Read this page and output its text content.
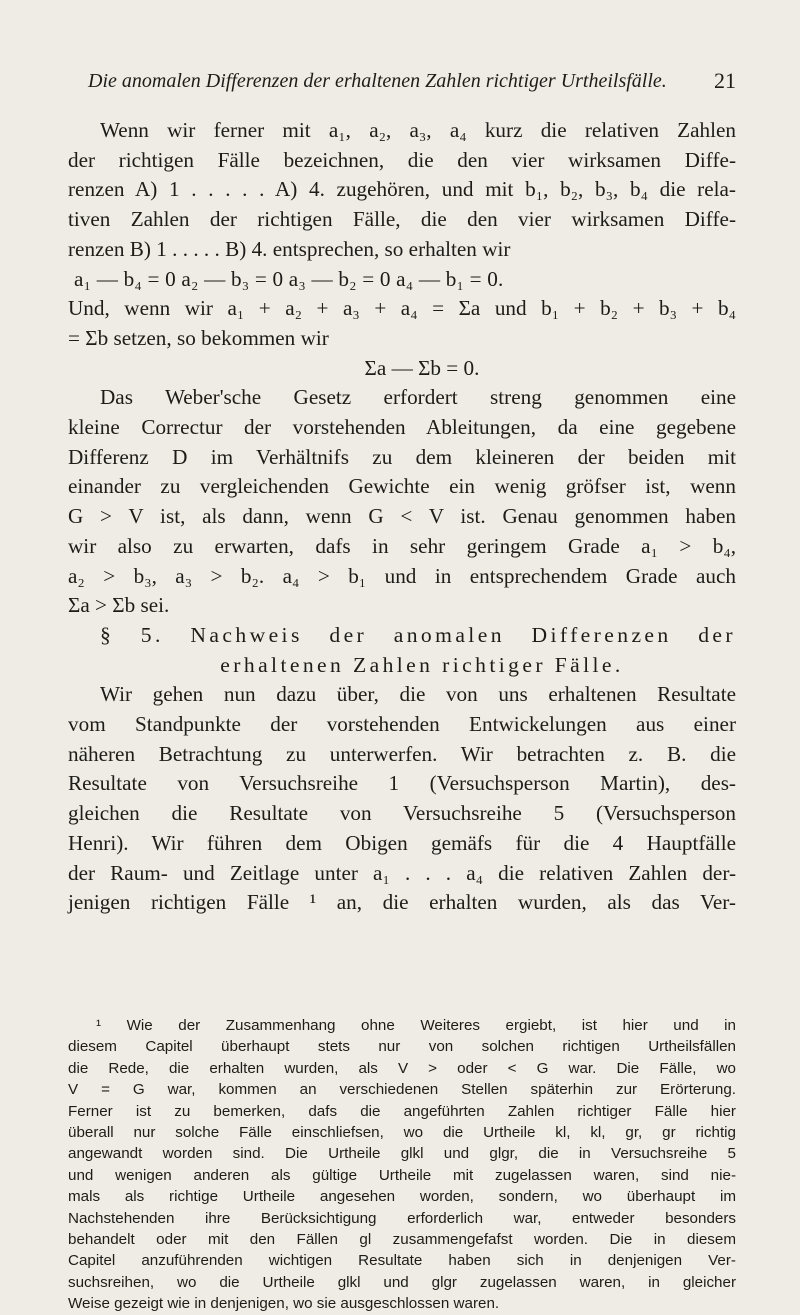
Die anomalen Differenzen der erhaltenen Zahlen richtiger Urtheilsfälle. 21
Wenn wir ferner mit a₁, a₂, a₃, a₄ kurz die relativen Zahlen
der richtigen Fälle bezeichnen, die den vier wirksamen Diffe-
renzen A) 1 . . . . . A) 4. zugehören, und mit b₁, b₂, b₃, b₄ die rela-
tiven Zahlen der richtigen Fälle, die den vier wirksamen Diffe-
renzen B) 1 . . . . . B) 4. entsprechen, so erhalten wir
a₁ — b₄ = 0 a₂ — b₃ = 0 a₃ — b₂ = 0 a₄ — b₁ = 0.
Und, wenn wir a₁ + a₂ + a₃ + a₄ = Σa und b₁ + b₂ + b₃ + b₄
= Σb setzen, so bekommen wir
Σa — Σb = 0.
Das Weber'sche Gesetz erfordert streng genommen eine
kleine Correctur der vorstehenden Ableitungen, da eine gegebene
Differenz D im Verhältnifs zu dem kleineren der beiden mit
einander zu vergleichenden Gewichte ein wenig gröfser ist, wenn
G > V ist, als dann, wenn G < V ist. Genau genommen haben
wir also zu erwarten, dafs in sehr geringem Grade a₁ > b₄,
a₂ > b₃, a₃ > b₂. a₄ > b₁ und in entsprechendem Grade auch
Σa > Σb sei.
§ 5. Nachweis der anomalen Differenzen der
erhaltenen Zahlen richtiger Fälle.
Wir gehen nun dazu über, die von uns erhaltenen Resultate
vom Standpunkte der vorstehenden Entwickelungen aus einer
näheren Betrachtung zu unterwerfen. Wir betrachten z. B. die
Resultate von Versuchsreihe 1 (Versuchsperson Martin), des-
gleichen die Resultate von Versuchsreihe 5 (Versuchsperson
Henri). Wir führen dem Obigen gemäfs für die 4 Hauptfälle
der Raum- und Zeitlage unter a₁ . . . a₄ die relativen Zahlen der-
jenigen richtigen Fälle ¹ an, die erhalten wurden, als das Ver-
¹ Wie der Zusammenhang ohne Weiteres ergiebt, ist hier und in
diesem Capitel überhaupt stets nur von solchen richtigen Urtheilsfällen
die Rede, die erhalten wurden, als V > oder < G war. Die Fälle, wo
V = G war, kommen an verschiedenen Stellen späterhin zur Erörterung.
Ferner ist zu bemerken, dafs die angeführten Zahlen richtiger Fälle hier
überall nur solche Fälle einschliefsen, wo die Urtheile kl, kl, gr, gr richtig
angewandt worden sind. Die Urtheile glkl und glgr, die in Versuchsreihe 5
und wenigen anderen als gültige Urtheile mit zugelassen waren, sind nie-
mals als richtige Urtheile angesehen worden, sondern, wo überhaupt im
Nachstehenden ihre Berücksichtigung erforderlich war, entweder besonders
behandelt oder mit den Fällen gl zusammengefafst worden. Die in diesem
Capitel anzuführenden wichtigen Resultate haben sich in denjenigen Ver-
suchsreihen, wo die Urtheile glkl und glgr zugelassen waren, in gleicher
Weise gezeigt wie in denjenigen, wo sie ausgeschlossen waren.
